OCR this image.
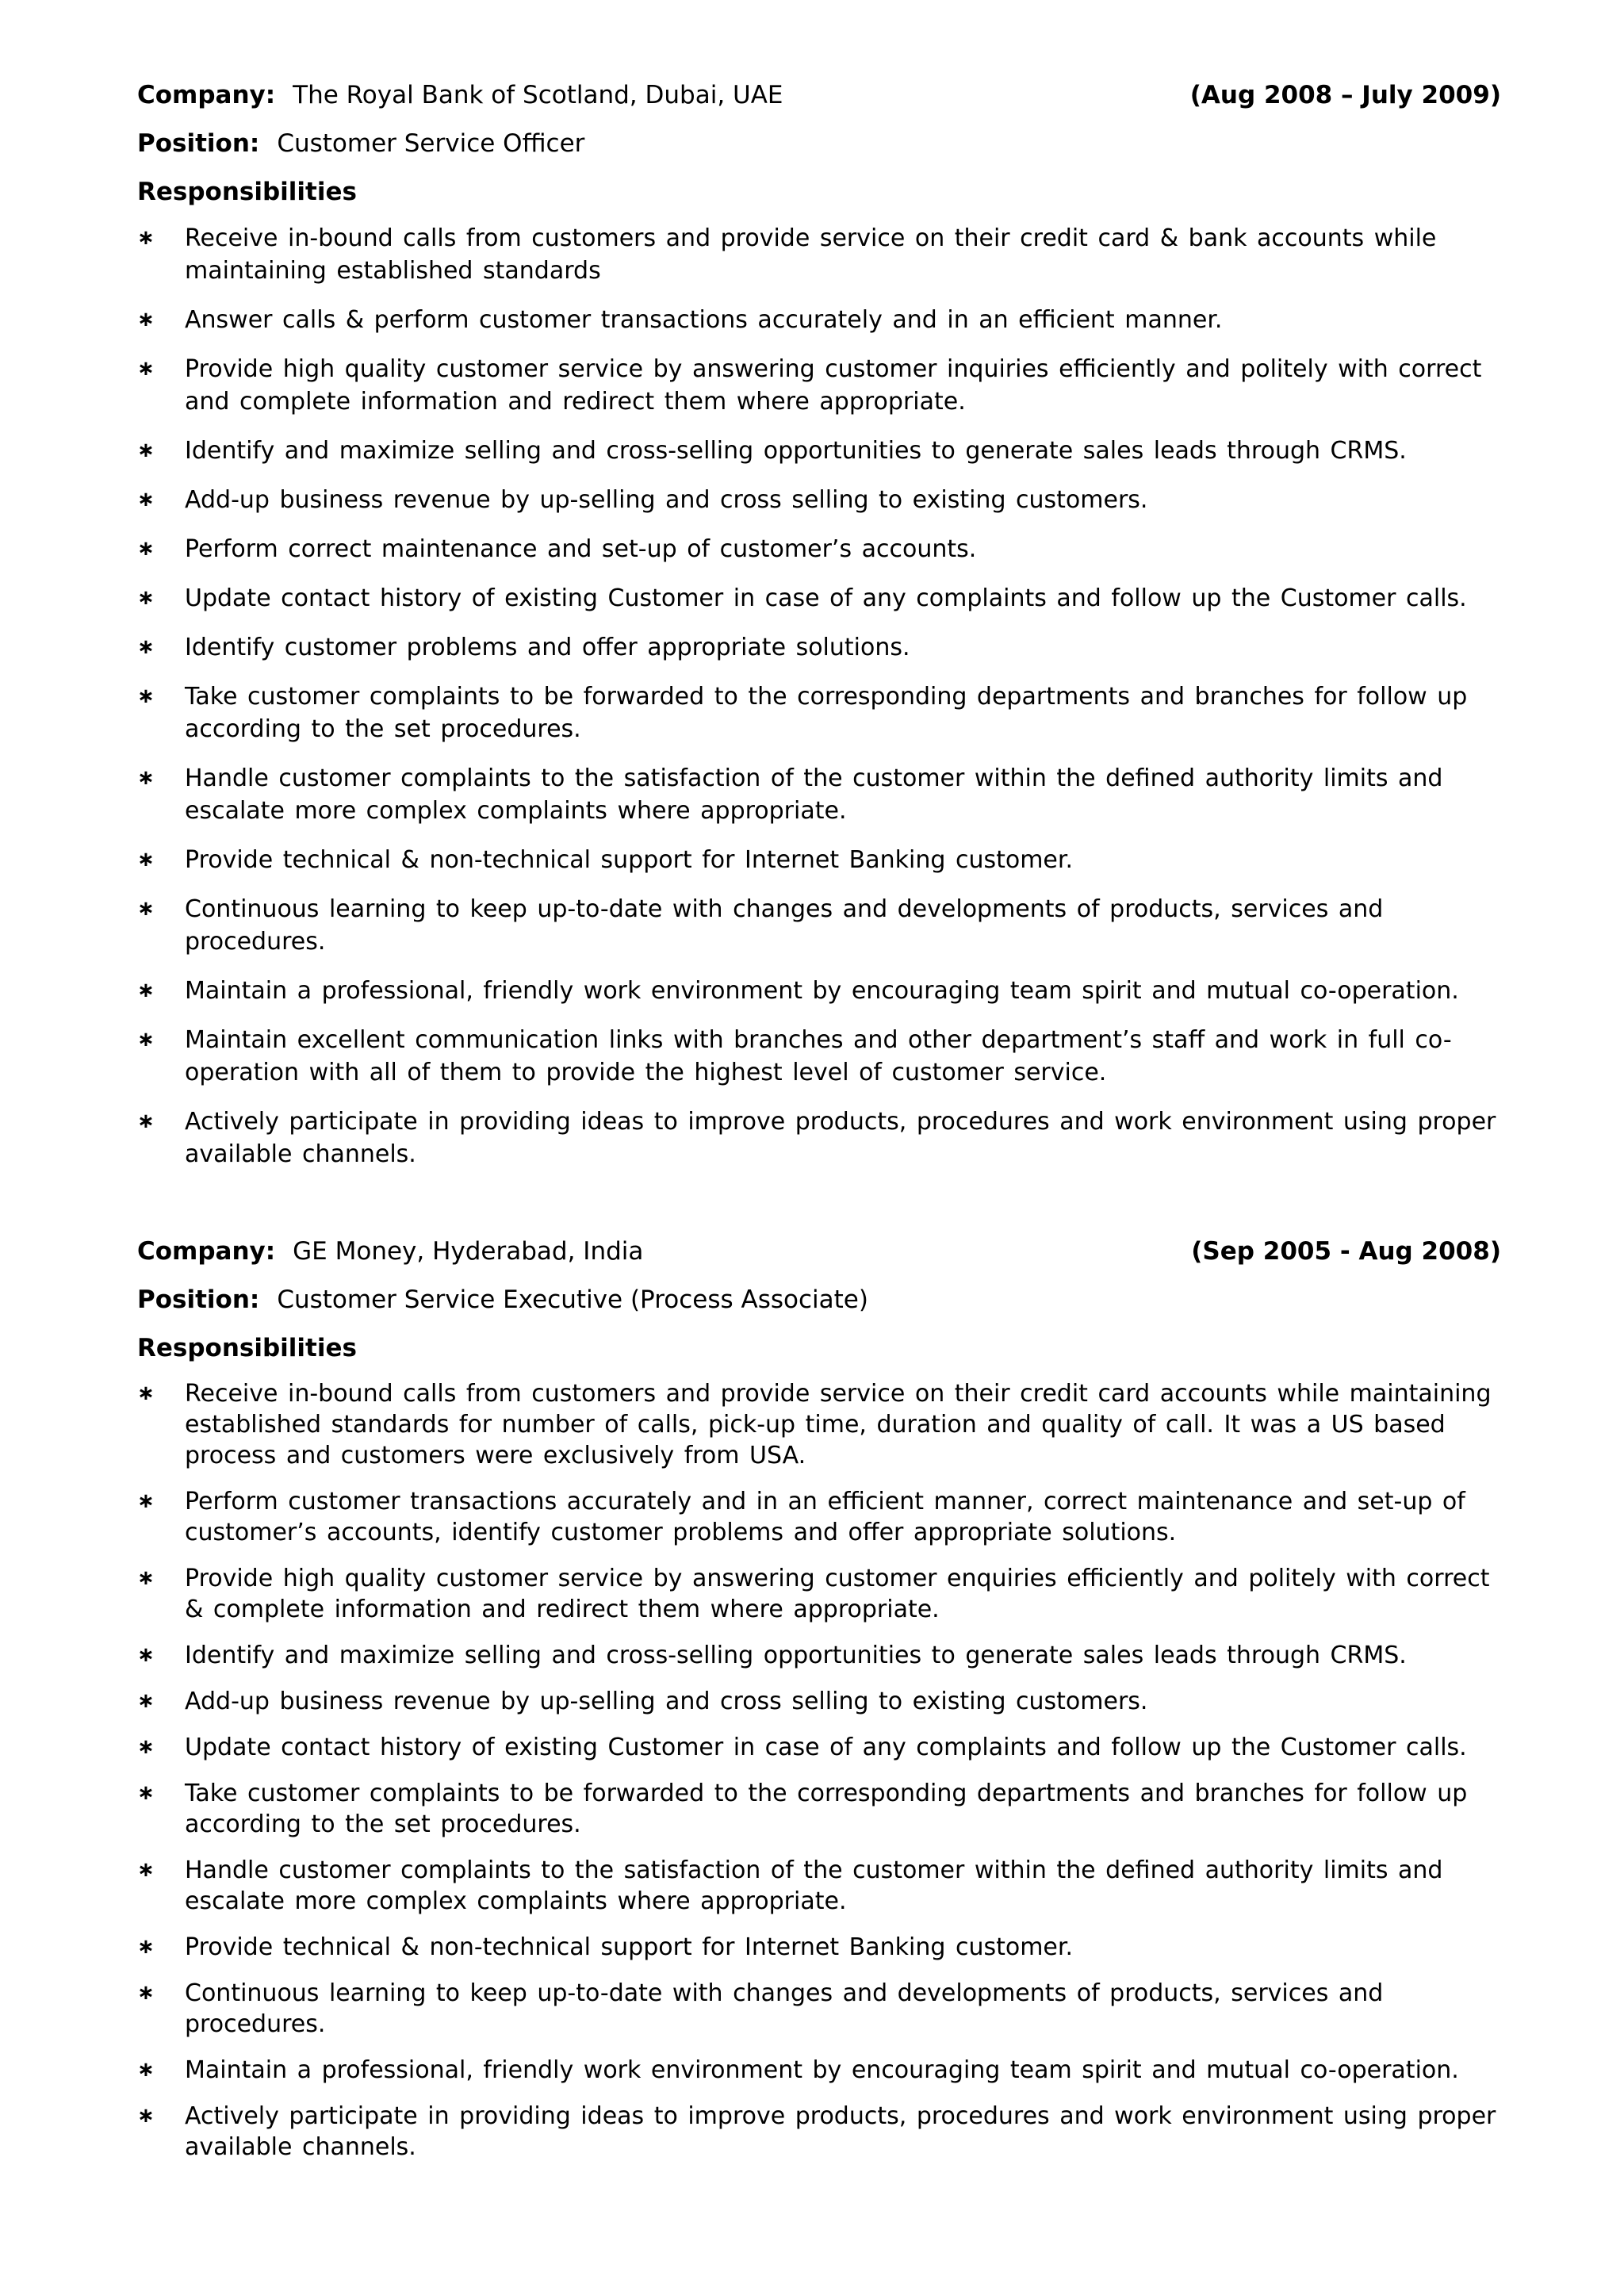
Company: The Royal Bank of Scotland, Dubai, UAE	(Aug 2008 – July 2009)
Position: Customer Service Officer
Responsibilities
∗ Receive in-bound calls from customers and provide service on their credit card & bank accounts while maintaining established standards
∗ Answer calls & perform customer transactions accurately and in an efficient manner.
∗ Provide high quality customer service by answering customer inquiries efficiently and politely with correct and complete information and redirect them where appropriate.
∗ Identify and maximize selling and cross-selling opportunities to generate sales leads through CRMS.
∗ Add-up business revenue by up-selling and cross selling to existing customers.
∗ Perform correct maintenance and set-up of customer’s accounts.
∗ Update contact history of existing Customer in case of any complaints and follow up the Customer calls.
∗ Identify customer problems and offer appropriate solutions.
∗ Take customer complaints to be forwarded to the corresponding departments and branches for follow up according to the set procedures.
∗ Handle customer complaints to the satisfaction of the customer within the defined authority limits and escalate more complex complaints where appropriate.
∗ Provide technical & non-technical support for Internet Banking customer.
∗ Continuous learning to keep up-to-date with changes and developments of products, services and procedures.
∗ Maintain a professional, friendly work environment by encouraging team spirit and mutual co-operation.
∗ Maintain excellent communication links with branches and other department’s staff and work in full co-operation with all of them to provide the highest level of customer service.
∗ Actively participate in providing ideas to improve products, procedures and work environment using proper available channels.
Company: GE Money, Hyderabad, India	(Sep 2005 - Aug 2008)
Position: Customer Service Executive (Process Associate)
Responsibilities
∗ Receive in-bound calls from customers and provide service on their credit card accounts while maintaining established standards for number of calls, pick-up time, duration and quality of call. It was a US based process and customers were exclusively from USA.
∗ Perform customer transactions accurately and in an efficient manner, correct maintenance and set-up of customer’s accounts, identify customer problems and offer appropriate solutions.
∗ Provide high quality customer service by answering customer enquiries efficiently and politely with correct & complete information and redirect them where appropriate.
∗ Identify and maximize selling and cross-selling opportunities to generate sales leads through CRMS.
∗ Add-up business revenue by up-selling and cross selling to existing customers.
∗ Update contact history of existing Customer in case of any complaints and follow up the Customer calls.
∗ Take customer complaints to be forwarded to the corresponding departments and branches for follow up according to the set procedures.
∗ Handle customer complaints to the satisfaction of the customer within the defined authority limits and escalate more complex complaints where appropriate.
∗ Provide technical & non-technical support for Internet Banking customer.
∗ Continuous learning to keep up-to-date with changes and developments of products, services and procedures.
∗ Maintain a professional, friendly work environment by encouraging team spirit and mutual co-operation.
∗ Actively participate in providing ideas to improve products, procedures and work environment using proper available channels.
